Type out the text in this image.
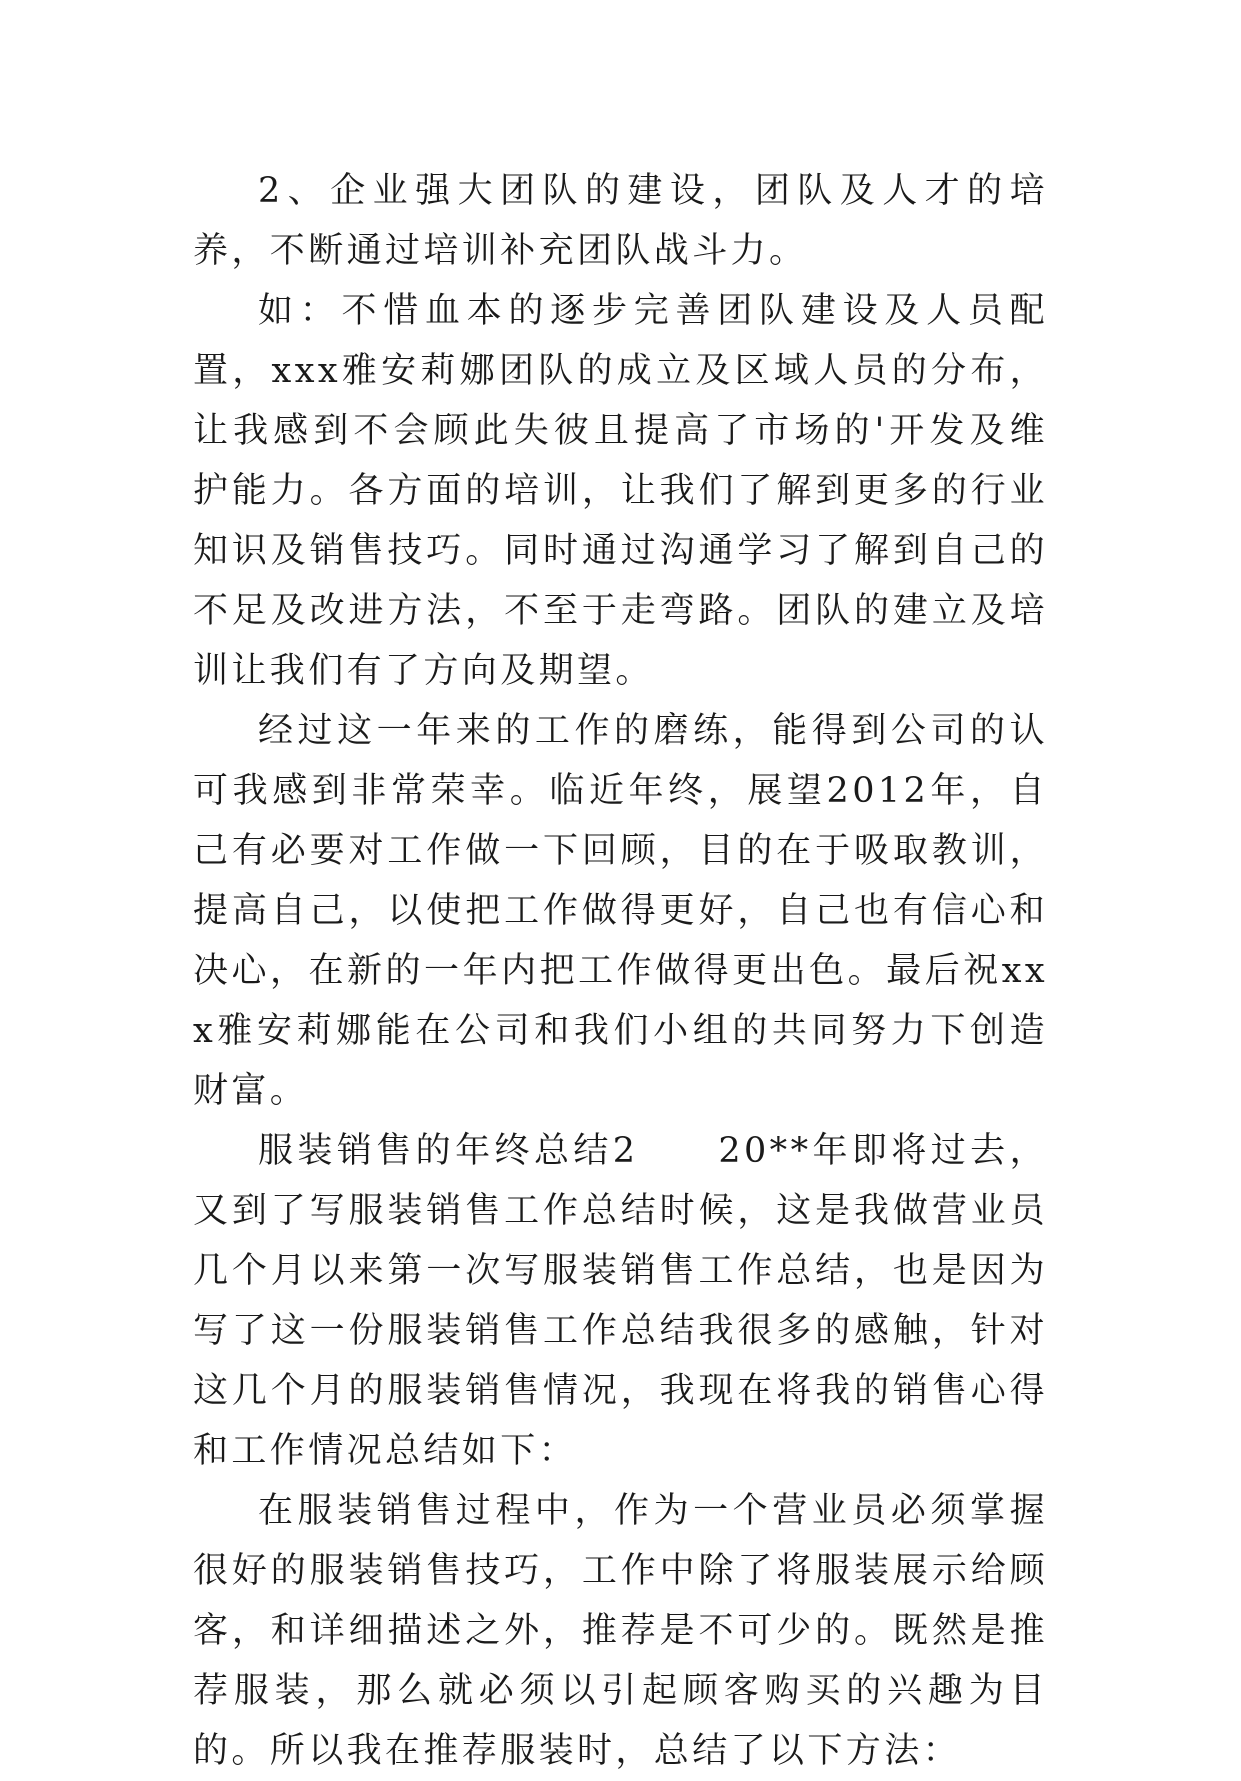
2、企业强大团队的建设，团队及人才的培养，不断通过培训补充团队战斗力。

如：不惜血本的逐步完善团队建设及人员配置，xxx雅安莉娜团队的成立及区域人员的分布，让我感到不会顾此失彼且提高了市场的'开发及维护能力。各方面的培训，让我们了解到更多的行业知识及销售技巧。同时通过沟通学习了解到自己的不足及改进方法，不至于走弯路。团队的建立及培训让我们有了方向及期望。

经过这一年来的工作的磨练，能得到公司的认可我感到非常荣幸。临近年终，展望2012年，自己有必要对工作做一下回顾，目的在于吸取教训，提高自己，以使把工作做得更好，自己也有信心和决心，在新的一年内把工作做得更出色。最后祝xxx雅安莉娜能在公司和我们小组的共同努力下创造财富。

服装销售的年终总结2　　20**年即将过去，又到了写服装销售工作总结时候，这是我做营业员几个月以来第一次写服装销售工作总结，也是因为写了这一份服装销售工作总结我很多的感触，针对这几个月的服装销售情况，我现在将我的销售心得和工作情况总结如下：

在服装销售过程中，作为一个营业员必须掌握很好的服装销售技巧，工作中除了将服装展示给顾客，和详细描述之外，推荐是不可少的。既然是推荐服装，那么就必须以引起顾客购买的兴趣为目的。所以我在推荐服装时，总结了以下方法：
